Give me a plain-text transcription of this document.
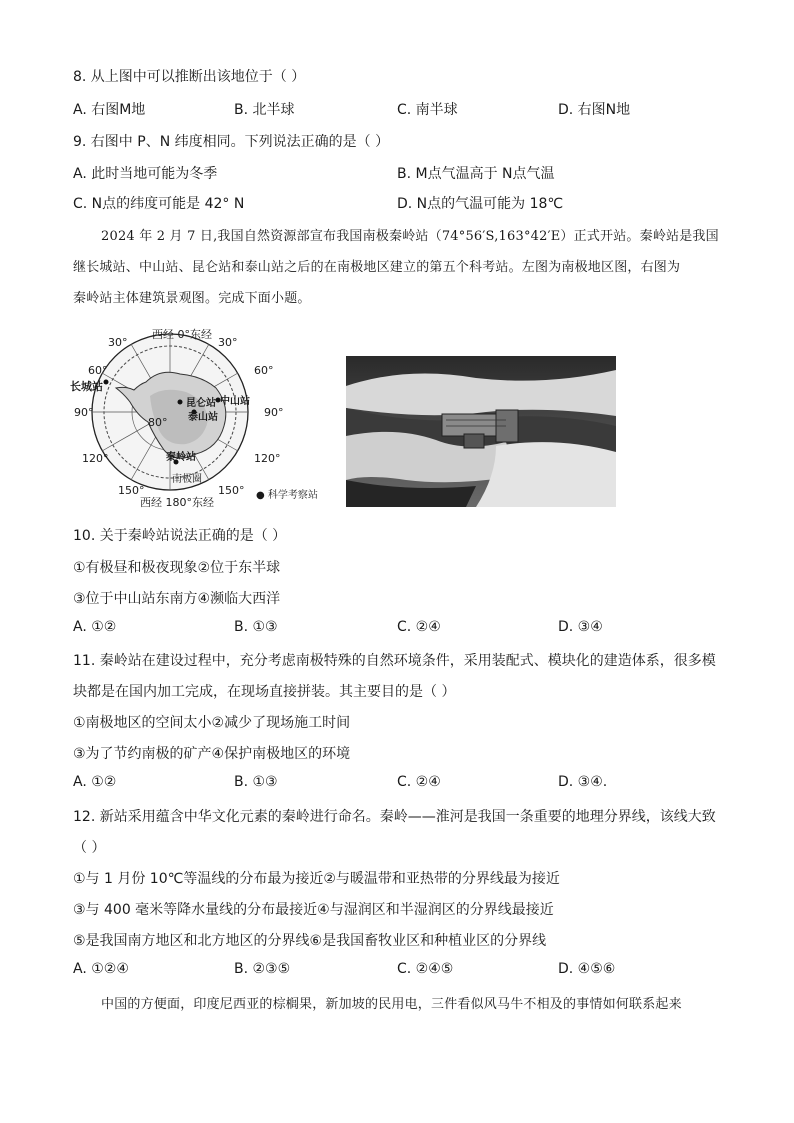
8. 从上图中可以推断出该地位于（ ）
A. 右图M地	B. 北半球	C. 南半球	D. 右图N地
9. 右图中 P、N 纬度相同。下列说法正确的是（ ）
A. 此时当地可能为冬季	B. M点气温高于 N点气温
C. N点的纬度可能是 42° N	D. N点的气温可能为 18℃
2024 年 2 月 7 日,我国自然资源部宣布我国南极秦岭站（74°56′S,163°42′E）正式开站。秦岭站是我国
继长城站、中山站、昆仑站和泰山站之后的在南极地区建立的第五个科考站。左图为南极地区图，右图为
秦岭站主体建筑景观图。完成下面小题。
西经 0°东经
30°
30°
60°
长城站
90°
120°
150°
60°
90°
120°
150°
80°
昆仑站 中山站
泰山站
秦岭站
南极圈
西经 180°东经
● 科学考察站
10. 关于秦岭站说法正确的是（ ）
①有极昼和极夜现象②位于东半球
③位于中山站东南方④濒临大西洋
A. ①②	B. ①③	C. ②④	D. ③④
11. 秦岭站在建设过程中，充分考虑南极特殊的自然环境条件，采用装配式、模块化的建造体系，很多模
块都是在国内加工完成，在现场直接拼装。其主要目的是（ ）
①南极地区的空间太小②减少了现场施工时间
③为了节约南极的矿产④保护南极地区的环境
A. ①②	B. ①③	C. ②④	D. ③④.
12. 新站采用蕴含中华文化元素的秦岭进行命名。秦岭——淮河是我国一条重要的地理分界线，该线大致
（ ）
①与 1 月份 10℃等温线的分布最为接近②与暖温带和亚热带的分界线最为接近
③与 400 毫米等降水量线的分布最接近④与湿润区和半湿润区的分界线最接近
⑤是我国南方地区和北方地区的分界线⑥是我国畜牧业区和种植业区的分界线
A. ①②④	B. ②③⑤	C. ②④⑤	D. ④⑤⑥
中国的方便面，印度尼西亚的棕榈果，新加坡的民用电，三件看似风马牛不相及的事情如何联系起来
